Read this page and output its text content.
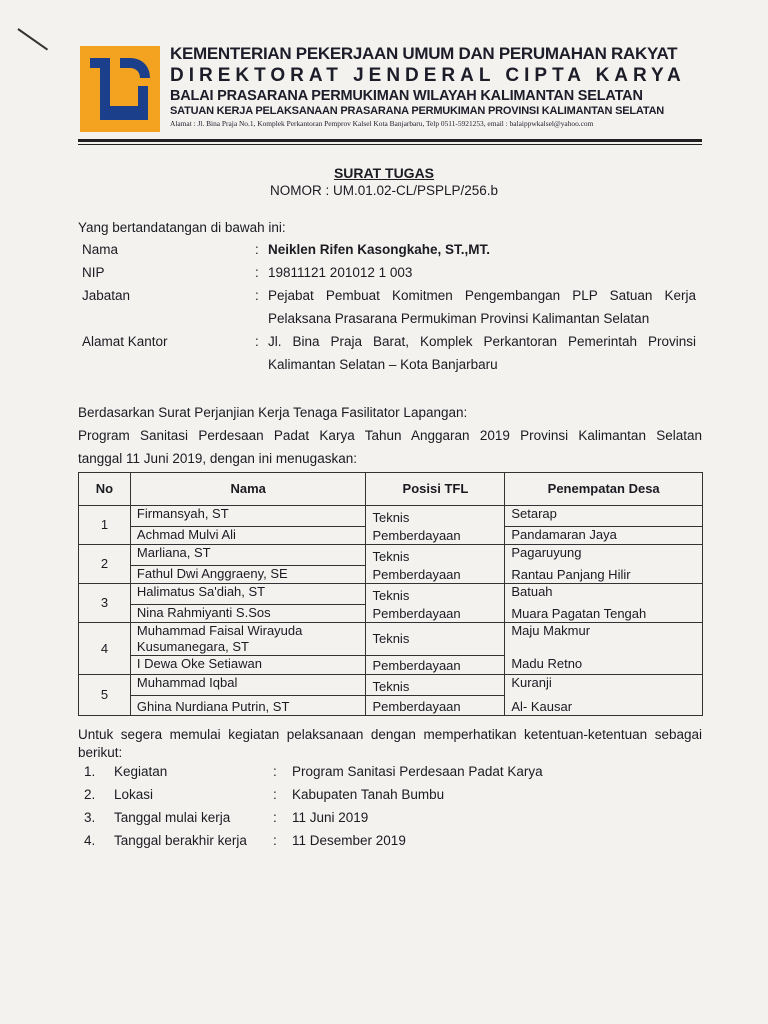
KEMENTERIAN PEKERJAAN UMUM DAN PERUMAHAN RAKYAT
DIREKTORAT JENDERAL CIPTA KARYA
BALAI PRASARANA PERMUKIMAN WILAYAH KALIMANTAN SELATAN
SATUAN KERJA PELAKSANAAN PRASARANA PERMUKIMAN PROVINSI KALIMANTAN SELATAN
Alamat : Jl. Bina Praja No.1, Komplek Perkantoran Pemprov Kalsel Kota Banjarbaru, Telp 0511-5921253, email : balaippwkalsel@yahoo.com
SURAT TUGAS
NOMOR : UM.01.02-CL/PSPLP/256.b
Yang bertandatangan di bawah ini:
Nama	: Neiklen Rifen Kasongkahe, ST.,MT.
NIP	: 19811121 201012 1 003
Jabatan	: Pejabat Pembuat Komitmen Pengembangan PLP Satuan Kerja
Pelaksana Prasarana Permukiman Provinsi Kalimantan Selatan
Alamat Kantor	: Jl. Bina Praja Barat, Komplek Perkantoran Pemerintah Provinsi
Kalimantan Selatan – Kota Banjarbaru
Berdasarkan Surat Perjanjian Kerja Tenaga Fasilitator Lapangan:
Program Sanitasi Perdesaan Padat Karya Tahun Anggaran 2019 Provinsi Kalimantan Selatan
tanggal 11 Juni 2019, dengan ini menugaskan:
No	Nama	Posisi TFL	Penempatan Desa
1	Firmansyah, ST	Teknis	Setarap
	Achmad Mulvi Ali	Pemberdayaan	Pandamaran Jaya
2	Marliana, ST	Teknis	Pagaruyung
	Fathul Dwi Anggraeny, SE	Pemberdayaan	Rantau Panjang Hilir
3	Halimatus Sa'diah, ST	Teknis	Batuah
	Nina Rahmiyanti S.Sos	Pemberdayaan	Muara Pagatan Tengah
4	Muhammad Faisal Wirayuda
Kusumanegara, ST	Teknis	Maju Makmur
	I Dewa Oke Setiawan	Pemberdayaan	Madu Retno
5	Muhammad Iqbal	Teknis	Kuranji
	Ghina Nurdiana Putrin, ST	Pemberdayaan	Al- Kausar
Untuk segera memulai kegiatan pelaksanaan dengan memperhatikan ketentuan-ketentuan sebagai
berikut:
1. Kegiatan	: Program Sanitasi Perdesaan Padat Karya
2. Lokasi	: Kabupaten Tanah Bumbu
3. Tanggal mulai kerja	: 11 Juni 2019
4. Tanggal berakhir kerja : 11 Desember 2019
